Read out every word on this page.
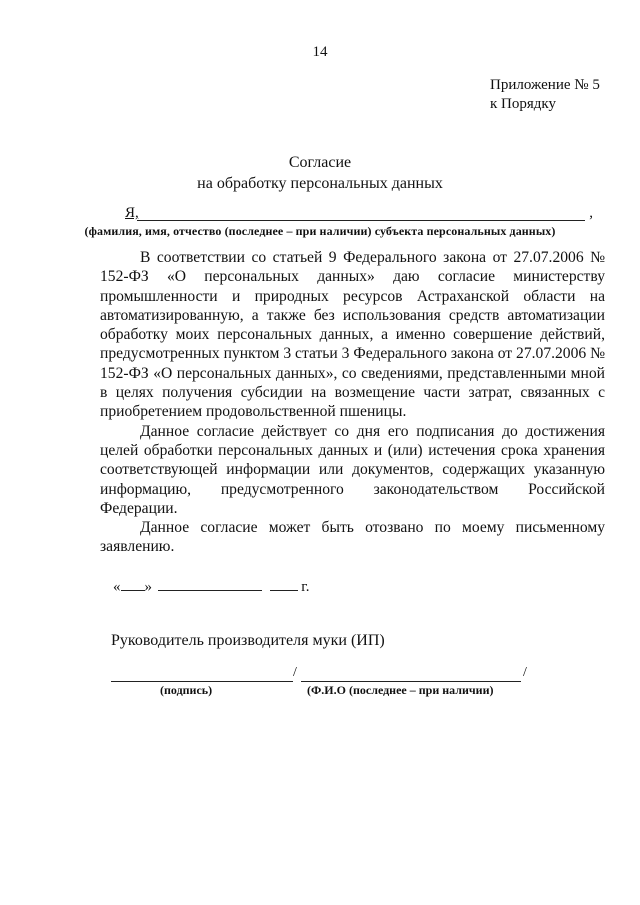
14
Приложение № 5
к Порядку
Согласие
на обработку персональных данных
Я,	,
(фамилия, имя, отчество (последнее – при наличии) субъекта персональных данных)

В соответствии со статьей 9 Федерального закона от 27.07.2006 № 152-ФЗ «О персональных данных» даю согласие министерству промышленности и природных ресурсов Астраханской области на автоматизированную, а также без использования средств автоматизации обработку моих персональных данных, а именно совершение действий, предусмотренных пунктом 3 статьи 3 Федерального закона от 27.07.2006 № 152-ФЗ «О персональных данных», со сведениями, представленными мной в целях получения субсидии на возмещение части затрат, связанных с приобретением продовольственной пшеницы.

Данное согласие действует со дня его подписания до достижения целей обработки персональных данных и (или) истечения срока хранения соответствующей информации или документов, содержащих указанную информацию, предусмотренного законодательством Российской Федерации.

Данное согласие может быть отозвано по моему письменному заявлению.

« »	г.
Руководитель производителя муки (ИП)
/	/
(подпись)	(Ф.И.О (последнее – при наличии)
